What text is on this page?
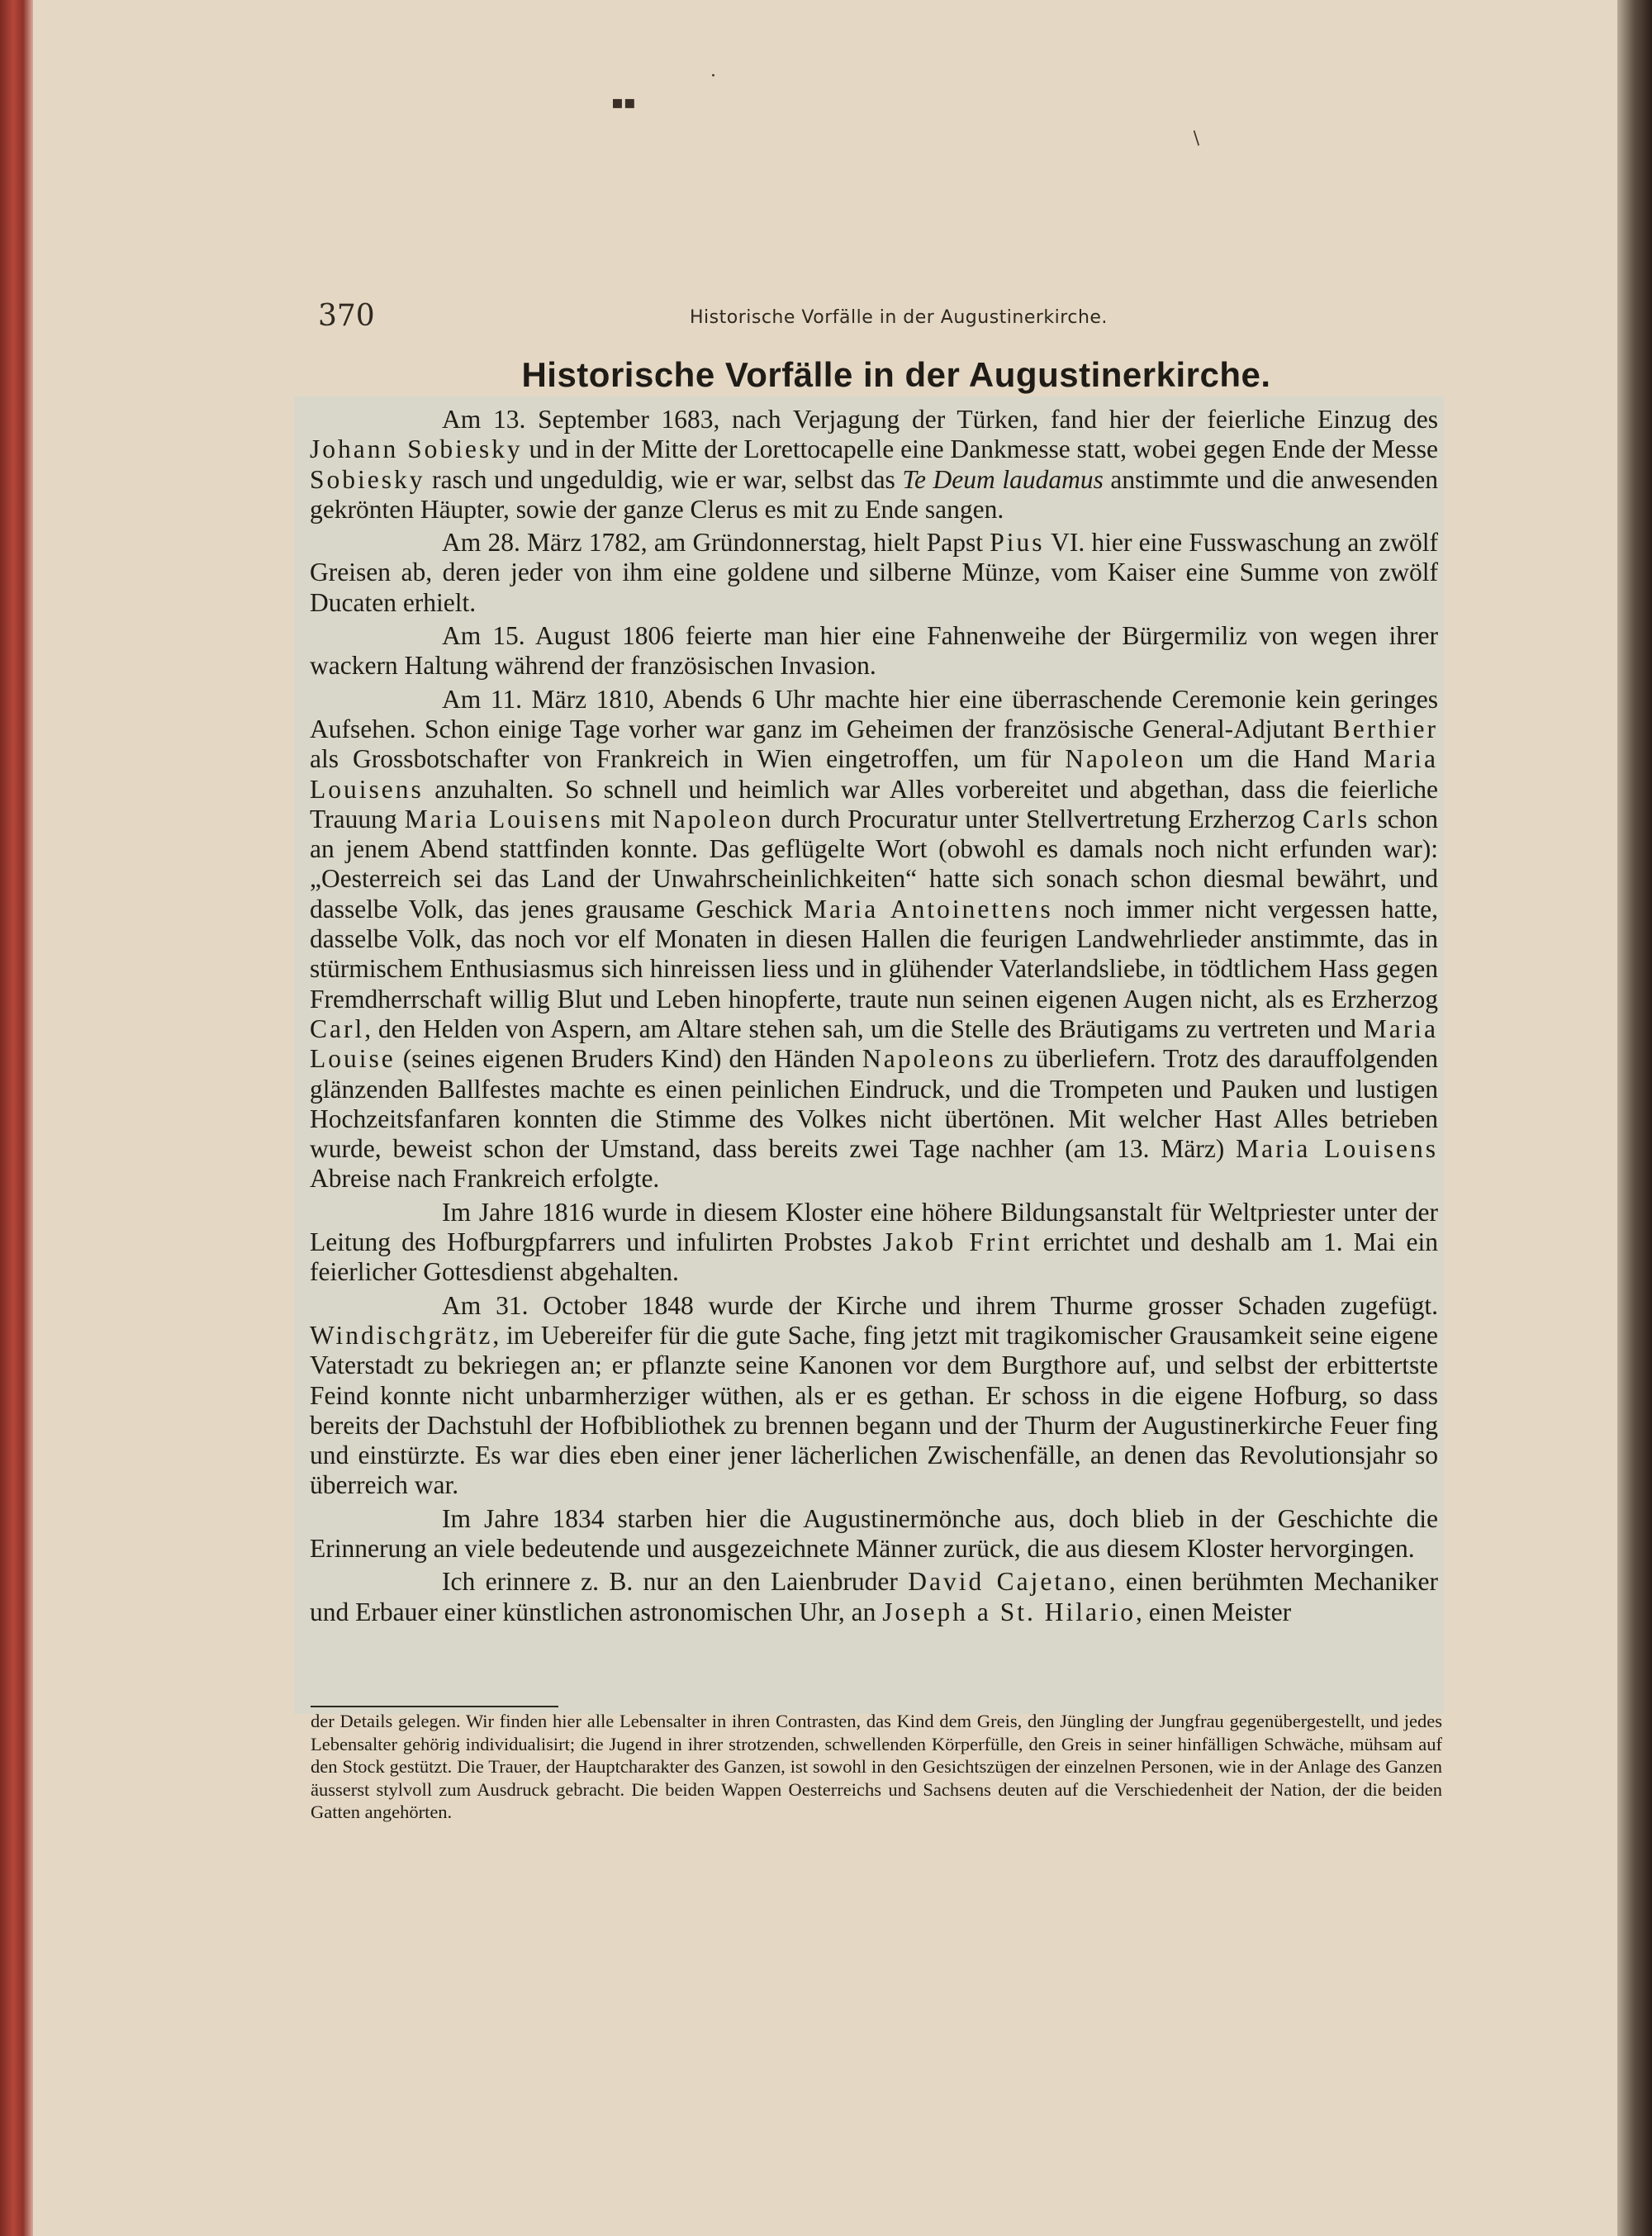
▪▪
·
/
370	Historische Vorfälle in der Augustinerkirche.
Historische Vorfälle in der Augustinerkirche.

Am 13. September 1683, nach Verjagung der Türken, fand hier der feierliche Einzug des Johann Sobiesky und in der Mitte der Lorettocapelle eine Dankmesse statt, wobei gegen Ende der Messe Sobiesky rasch und ungeduldig, wie er war, selbst das Te Deum laudamus anstimmte und die anwesenden gekrönten Häupter, sowie der ganze Clerus es mit zu Ende sangen.

Am 28. März 1782, am Gründonnerstag, hielt Papst Pius VI. hier eine Fusswaschung an zwölf Greisen ab, deren jeder von ihm eine goldene und silberne Münze, vom Kaiser eine Summe von zwölf Ducaten erhielt.

Am 15. August 1806 feierte man hier eine Fahnenweihe der Bürgermiliz von wegen ihrer wackern Haltung während der französischen Invasion.

Am 11. März 1810, Abends 6 Uhr machte hier eine überraschende Ceremonie kein geringes Aufsehen. Schon einige Tage vorher war ganz im Geheimen der französische General-Adjutant Berthier als Grossbotschafter von Frankreich in Wien eingetroffen, um für Napoleon um die Hand Maria Louisens anzuhalten. So schnell und heimlich war Alles vorbereitet und abgethan, dass die feierliche Trauung Maria Louisens mit Napoleon durch Procuratur unter Stellvertretung Erzherzog Carls schon an jenem Abend stattfinden konnte. Das geflügelte Wort (obwohl es damals noch nicht erfunden war): „Oesterreich sei das Land der Unwahrscheinlichkeiten“ hatte sich sonach schon diesmal bewährt, und dasselbe Volk, das jenes grausame Geschick Maria Antoinettens noch immer nicht vergessen hatte, dasselbe Volk, das noch vor elf Monaten in diesen Hallen die feurigen Landwehrlieder anstimmte, das in stürmischem Enthusiasmus sich hinreissen liess und in glühender Vaterlandsliebe, in tödtlichem Hass gegen Fremdherrschaft willig Blut und Leben hinopferte, traute nun seinen eigenen Augen nicht, als es Erzherzog Carl, den Helden von Aspern, am Altare stehen sah, um die Stelle des Bräutigams zu vertreten und Maria Louise (seines eigenen Bruders Kind) den Händen Napoleons zu überliefern. Trotz des darauffolgenden glänzenden Ballfestes machte es einen peinlichen Eindruck, und die Trompeten und Pauken und lustigen Hochzeitsfanfaren konnten die Stimme des Volkes nicht übertönen. Mit welcher Hast Alles betrieben wurde, beweist schon der Umstand, dass bereits zwei Tage nachher (am 13. März) Maria Louisens Abreise nach Frankreich erfolgte.

Im Jahre 1816 wurde in diesem Kloster eine höhere Bildungsanstalt für Weltpriester unter der Leitung des Hofburgpfarrers und infulirten Probstes Jakob Frint errichtet und deshalb am 1. Mai ein feierlicher Gottesdienst abgehalten.

Am 31. October 1848 wurde der Kirche und ihrem Thurme grosser Schaden zugefügt. Windischgrätz, im Uebereifer für die gute Sache, fing jetzt mit tragikomischer Grausamkeit seine eigene Vaterstadt zu bekriegen an; er pflanzte seine Kanonen vor dem Burgthore auf, und selbst der erbittertste Feind konnte nicht unbarmherziger wüthen, als er es gethan. Er schoss in die eigene Hofburg, so dass bereits der Dachstuhl der Hofbibliothek zu brennen begann und der Thurm der Augustinerkirche Feuer fing und einstürzte. Es war dies eben einer jener lächerlichen Zwischenfälle, an denen das Revolutionsjahr so überreich war.

Im Jahre 1834 starben hier die Augustinermönche aus, doch blieb in der Geschichte die Erinnerung an viele bedeutende und ausgezeichnete Männer zurück, die aus diesem Kloster hervorgingen.

Ich erinnere z. B. nur an den Laienbruder David Cajetano, einen berühmten Mechaniker und Erbauer einer künstlichen astronomischen Uhr, an Joseph a St. Hilario, einen Meister

der Details gelegen. Wir finden hier alle Lebensalter in ihren Contrasten, das Kind dem Greis, den Jüngling der Jungfrau gegenübergestellt, und jedes Lebensalter gehörig individualisirt; die Jugend in ihrer strotzenden, schwellenden Körperfülle, den Greis in seiner hinfälligen Schwäche, mühsam auf den Stock gestützt. Die Trauer, der Hauptcharakter des Ganzen, ist sowohl in den Gesichtszügen der einzelnen Personen, wie in der Anlage des Ganzen äusserst stylvoll zum Ausdruck gebracht. Die beiden Wappen Oesterreichs und Sachsens deuten auf die Verschiedenheit der Nation, der die beiden Gatten angehörten.
